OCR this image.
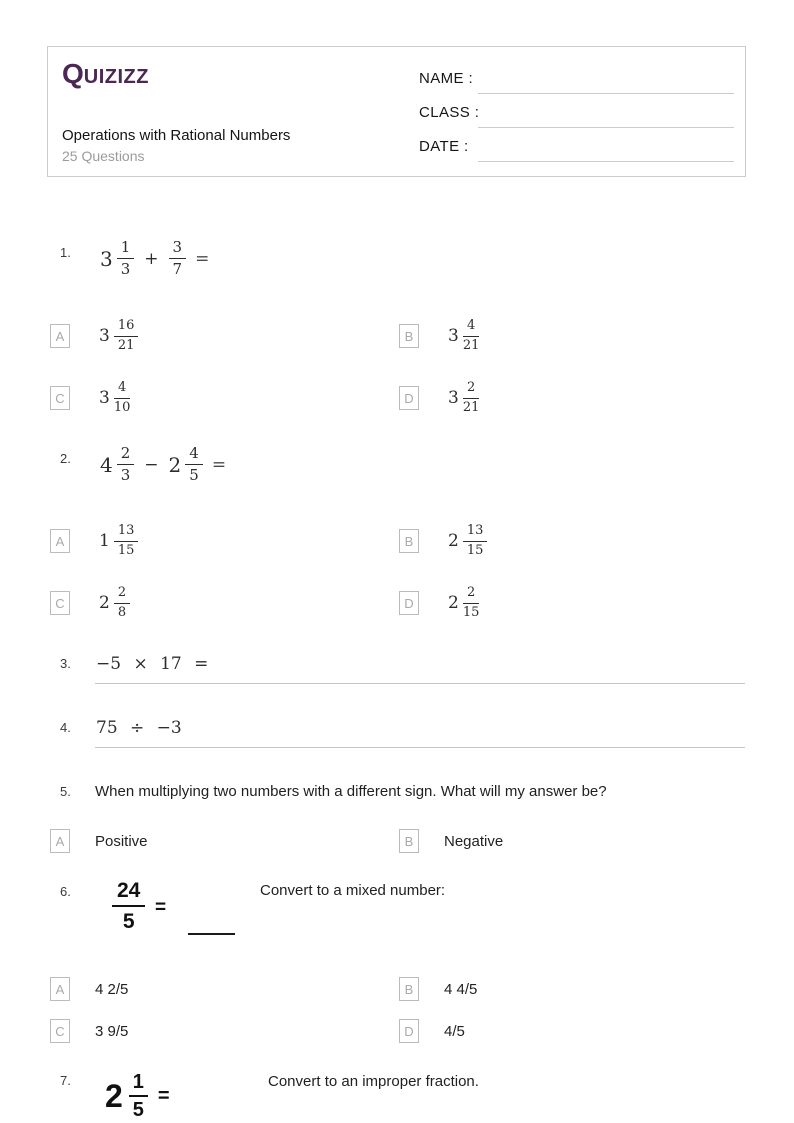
QUIZIZZ
Operations with Rational Numbers
25 Questions
NAME :
CLASS :
DATE :
1. $3 \frac{1}{3} + \frac{3}{7}$ =
A	$3 \frac{16}{21}$	B	$3 \frac{4}{21}$
C	$3 \frac{4}{10}$	D	$3 \frac{2}{21}$
2. $4 \frac{2}{3} - 2 \frac{4}{5}$ =
A	$1 \frac{13}{15}$	B	$2 \frac{13}{15}$
C	$2 \frac{2}{8}$	D	$2 \frac{2}{15}$
3. −5 × 17 =
4. 75 ÷ −3
5. When multiplying two numbers with a different sign. What will my answer be?
A	Positive	B	Negative
6. $\frac{24}{5}$ =
Convert to a mixed number:
A	4 2/5	B	4 4/5
C	3 9/5	D	4/5
7. $2 \frac{1}{5}$ =
Convert to an improper fraction.
